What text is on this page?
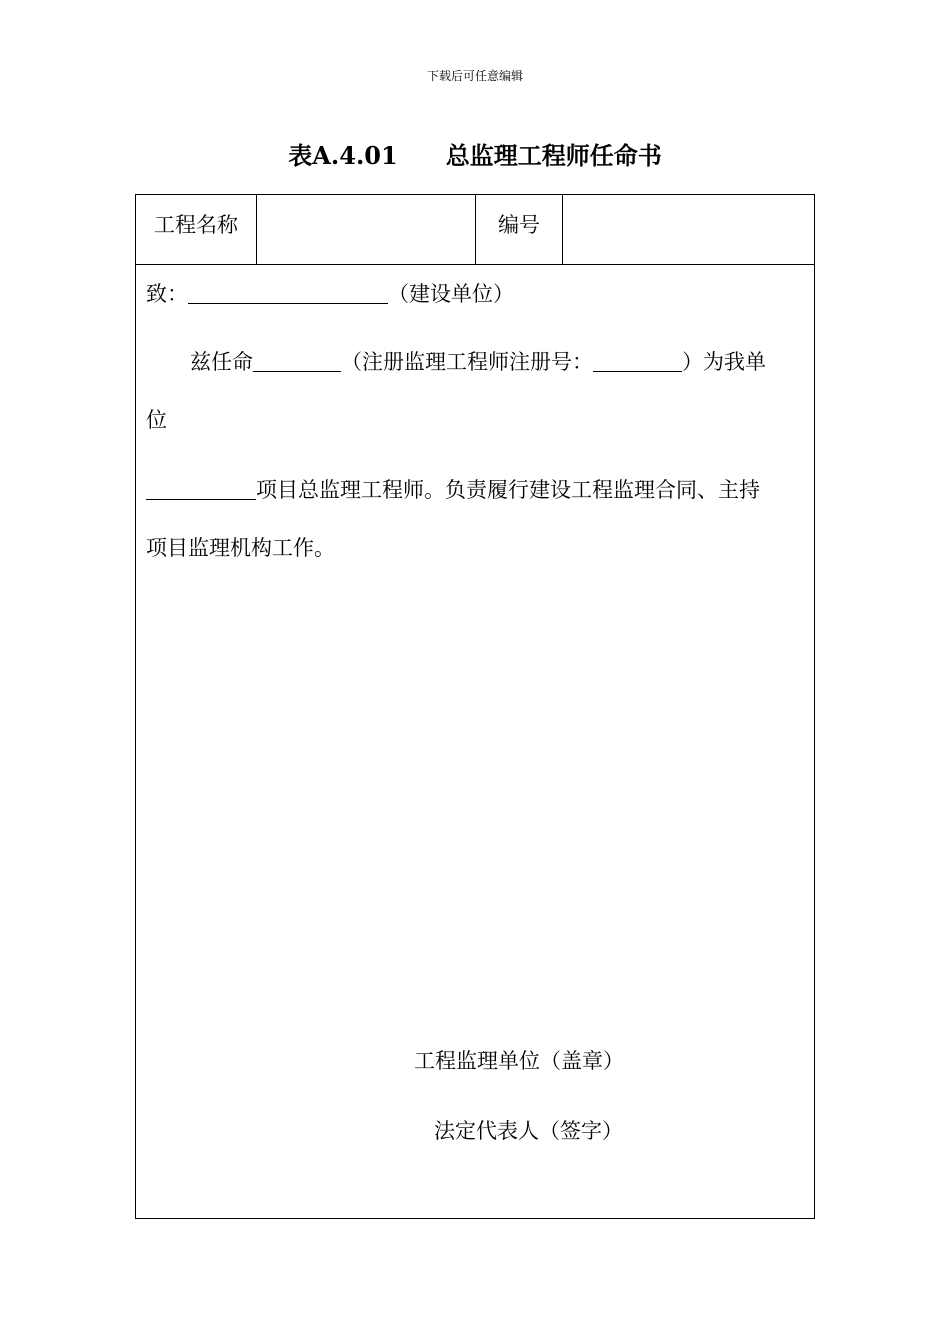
下载后可任意编辑
表A.4.01　　总监理工程师任命书
工程名称	编号
致：	（建设单位）
兹任命	（注册监理工程师注册号：	）为我单
位
项目总监理工程师。负责履行建设工程监理合同、主持
项目监理机构工作。
工程监理单位（盖章）
法定代表人（签字）
